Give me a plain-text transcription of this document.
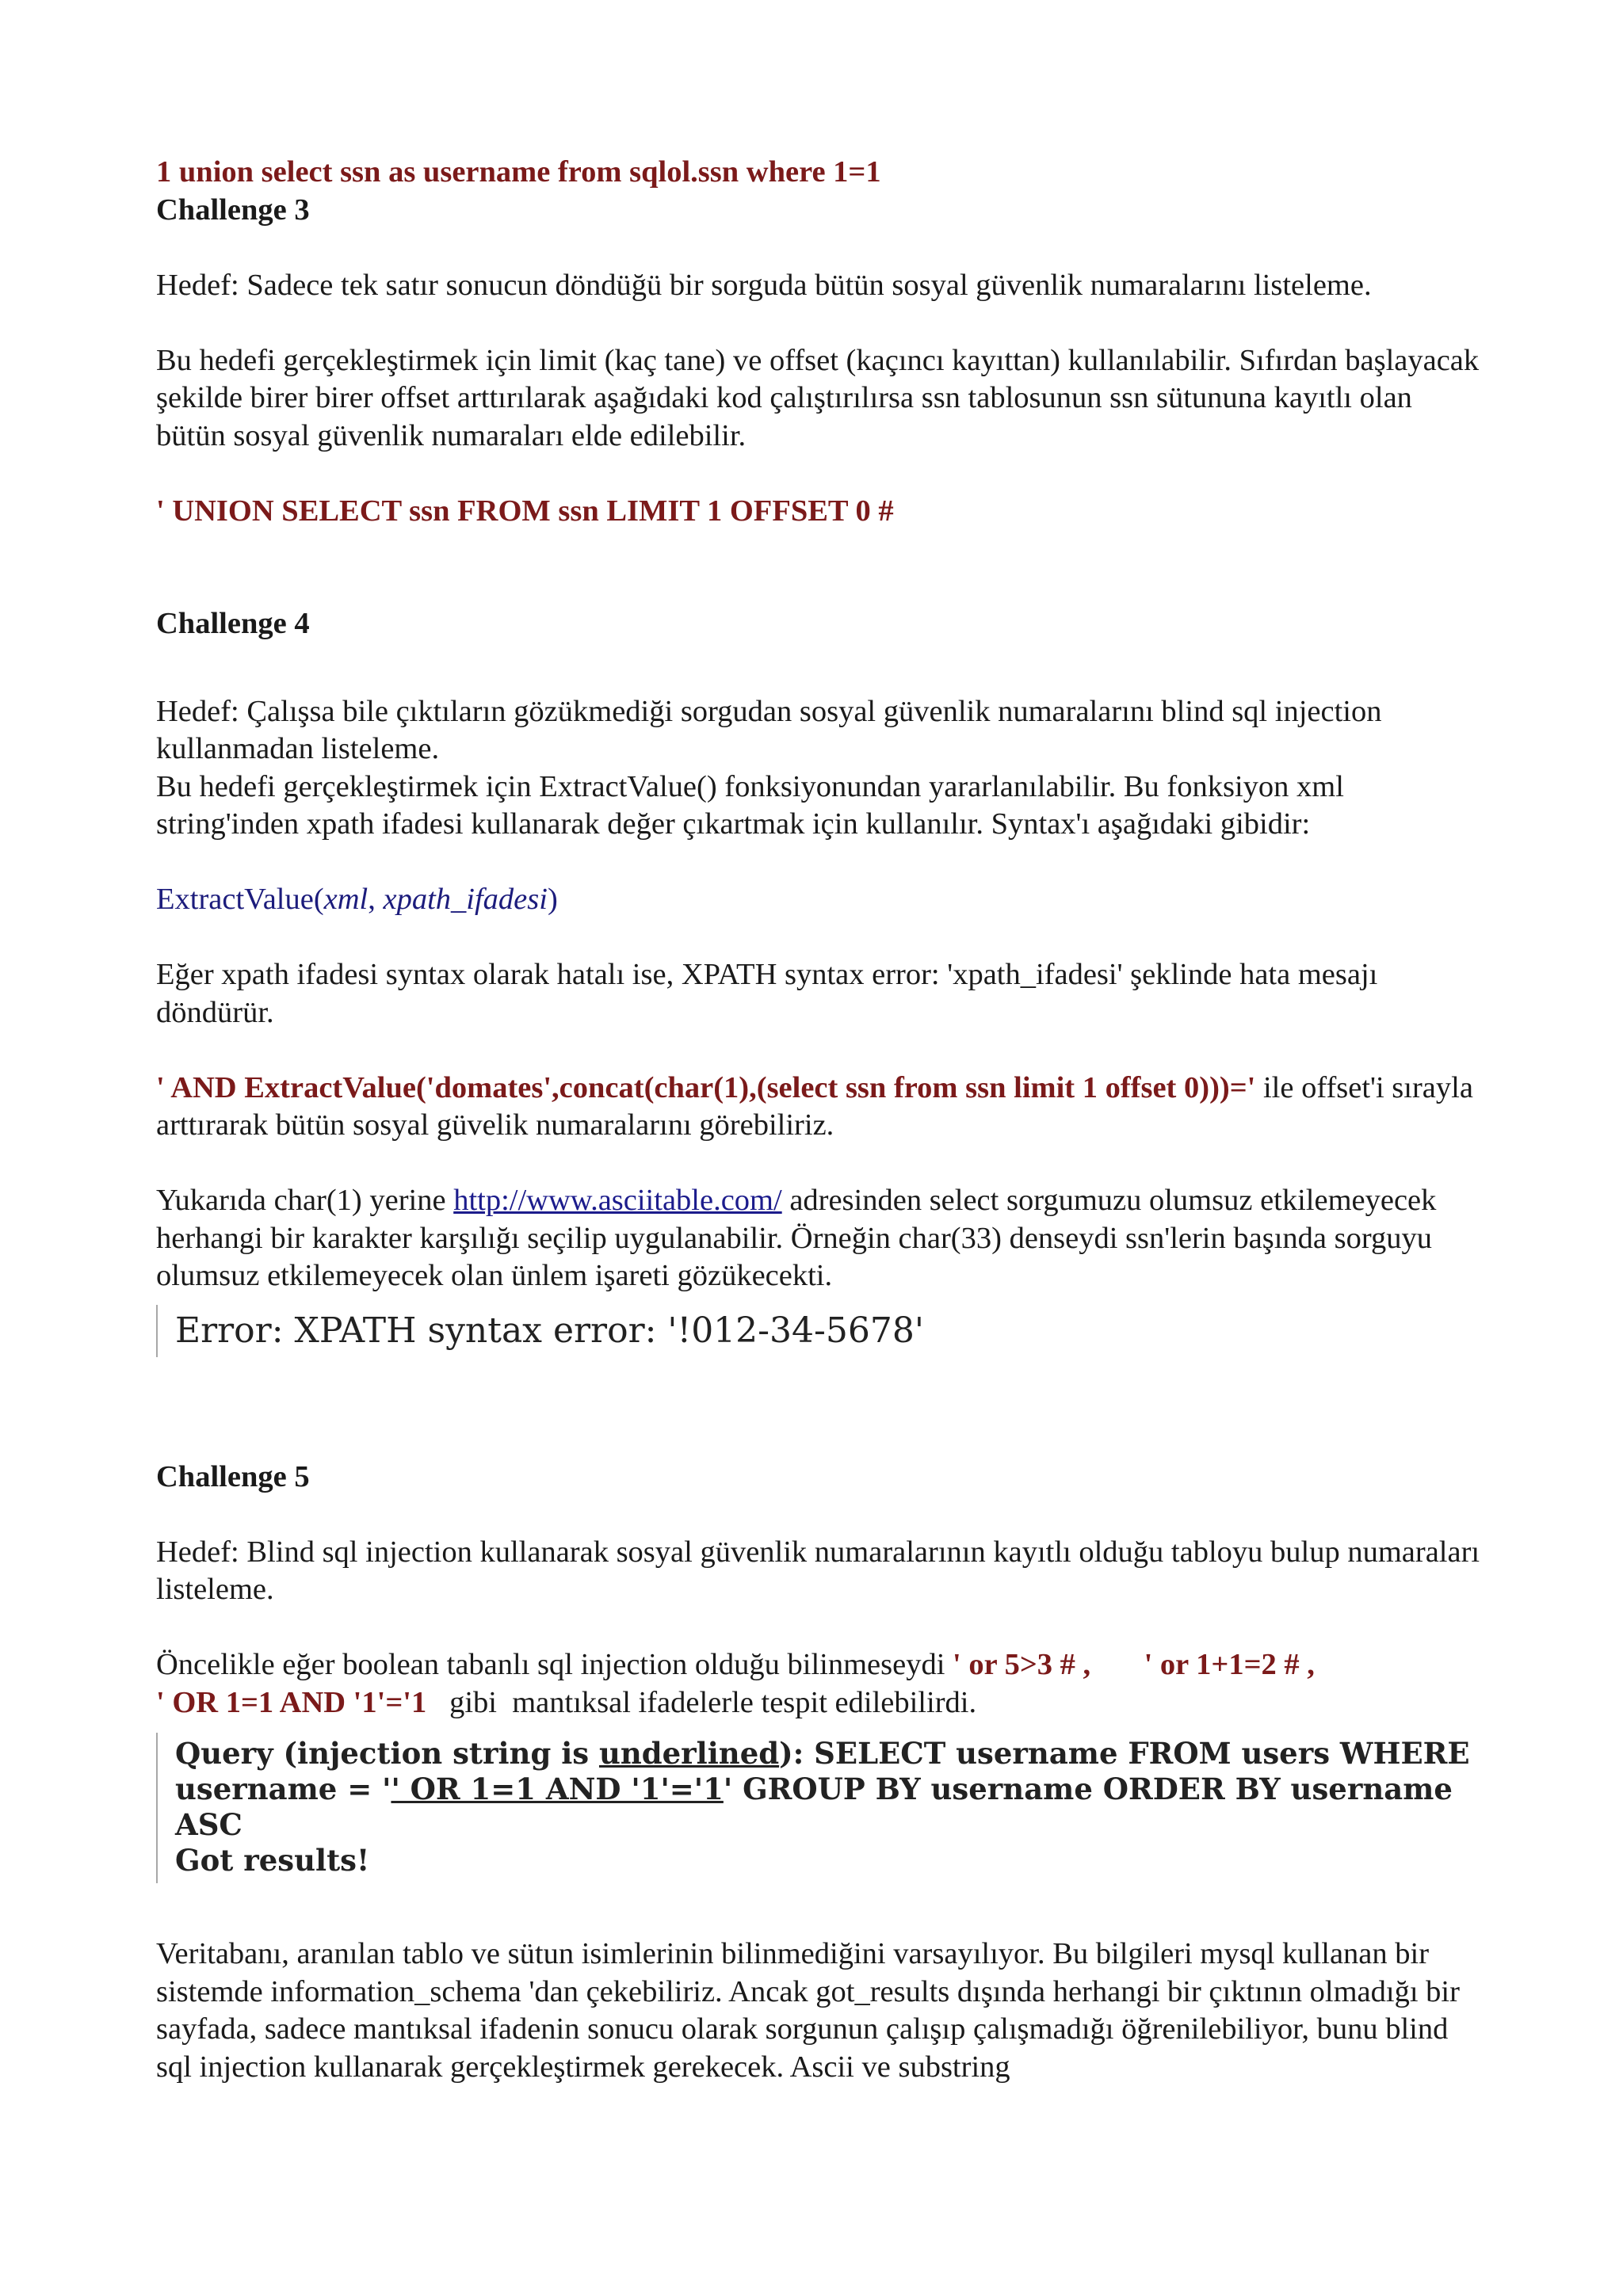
1 union select ssn as username from sqlol.ssn where 1=1

Challenge 3

Hedef: Sadece tek satır sonucun döndüğü bir sorguda bütün sosyal güvenlik numaralarını listeleme.

Bu hedefi gerçekleştirmek için limit (kaç tane) ve offset (kaçıncı kayıttan) kullanılabilir. Sıfırdan başlayacak şekilde birer birer offset arttırılarak aşağıdaki kod çalıştırılırsa ssn tablosunun ssn sütununa kayıtlı olan bütün sosyal güvenlik numaraları elde edilebilir.

' UNION SELECT ssn FROM ssn LIMIT 1 OFFSET 0 #

Challenge 4

Hedef: Çalışsa bile çıktıların gözükmediği sorgudan sosyal güvenlik numaralarını blind sql injection kullanmadan listeleme.

Bu hedefi gerçekleştirmek için ExtractValue() fonksiyonundan yararlanılabilir. Bu fonksiyon xml string'inden xpath ifadesi kullanarak değer çıkartmak için kullanılır. Syntax'ı aşağıdaki gibidir:

ExtractValue(xml, xpath_ifadesi)

Eğer xpath ifadesi syntax olarak hatalı ise, XPATH syntax error: 'xpath_ifadesi' şeklinde hata mesajı döndürür.

' AND ExtractValue('domates',concat(char(1),(select ssn from ssn limit 1 offset 0)))=' ile offset'i sırayla arttırarak bütün sosyal güvelik numaralarını görebiliriz.

Yukarıda char(1) yerine http://www.asciitable.com/ adresinden select sorgumuzu olumsuz etkilemeyecek herhangi bir karakter karşılığı seçilip uygulanabilir. Örneğin char(33) denseydi ssn'lerin başında sorguyu olumsuz etkilemeyecek olan ünlem işareti gözükecekti.

Error: XPATH syntax error: '!012-34-5678'

Challenge 5

Hedef: Blind sql injection kullanarak sosyal güvenlik numaralarının kayıtlı olduğu tabloyu bulup numaraları listeleme.

Öncelikle eğer boolean tabanlı sql injection olduğu bilinmeseydi ' or 5>3 # , ' or 1+1=2 # ,
' OR 1=1 AND '1'='1   gibi  mantıksal ifadelerle tespit edilebilirdi.

Query (injection string is underlined): SELECT username FROM users WHERE
username = '' OR 1=1 AND '1'='1' GROUP BY username ORDER BY username ASC
Got results!

Veritabanı, aranılan tablo ve sütun isimlerinin bilinmediğini varsayılıyor. Bu bilgileri mysql kullanan bir sistemde information_schema 'dan çekebiliriz. Ancak got_results dışında herhangi bir çıktının olmadığı bir sayfada, sadece mantıksal ifadenin sonucu olarak sorgunun çalışıp çalışmadığı öğrenilebiliyor, bunu blind sql injection kullanarak gerçekleştirmek gerekecek. Ascii ve substring
